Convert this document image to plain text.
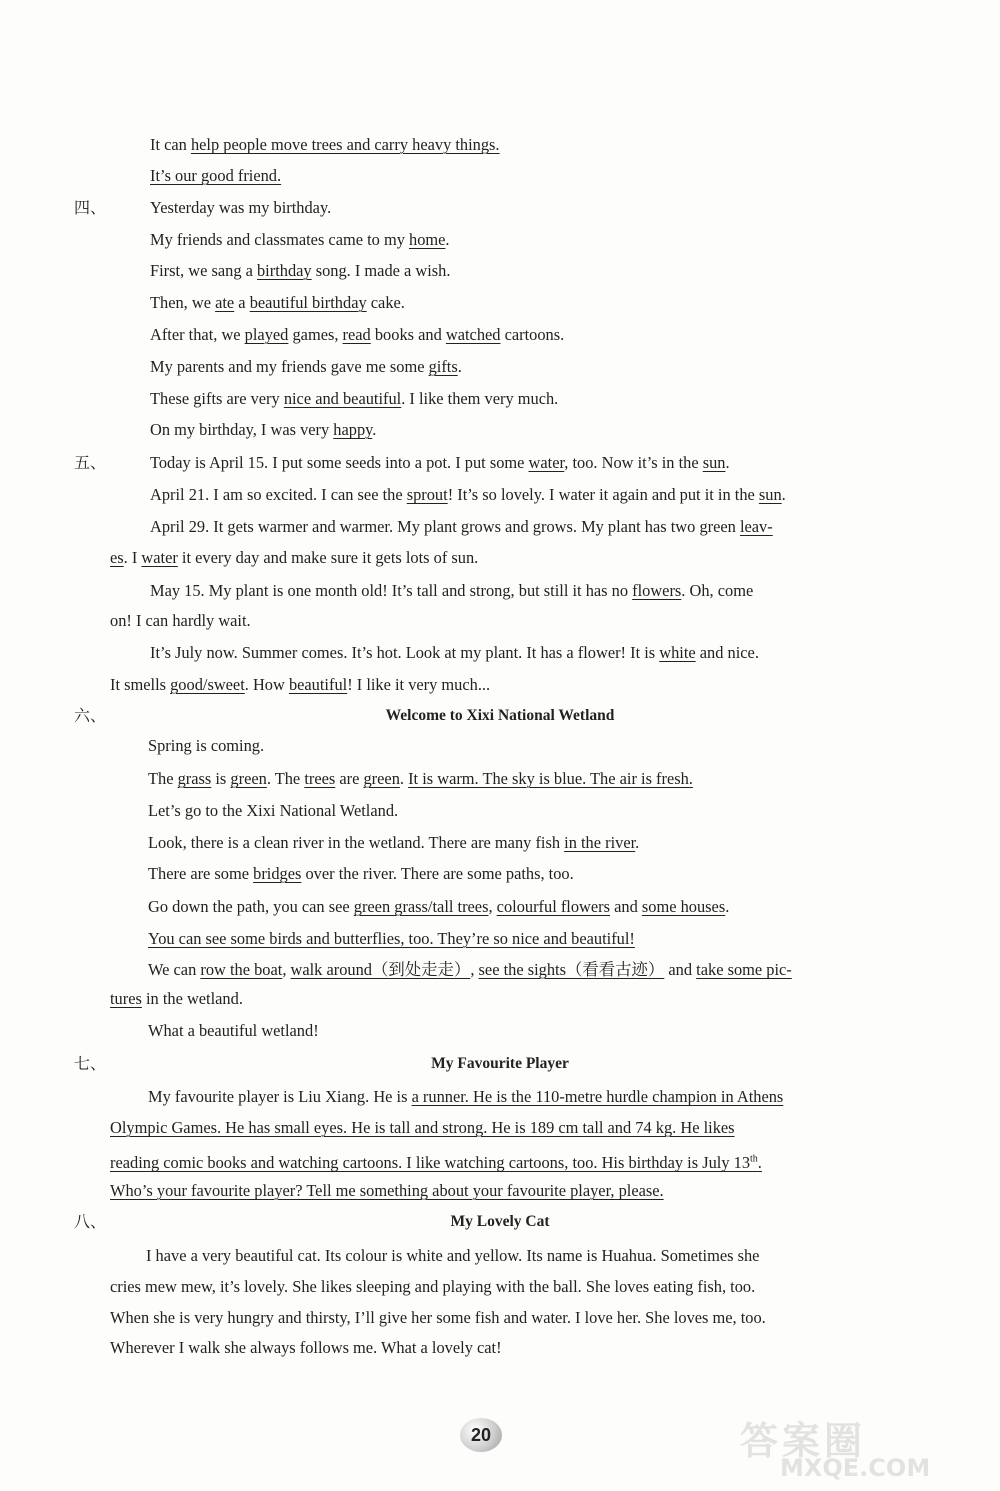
It can help people move trees and carry heavy things.
It’s our good friend.
四、	Yesterday was my birthday.
My friends and classmates came to my home.
First, we sang a birthday song. I made a wish.
Then, we ate a beautiful birthday cake.
After that, we played games, read books and watched cartoons.
My parents and my friends gave me some gifts.
These gifts are very nice and beautiful. I like them very much.
On my birthday, I was very happy.
五、	Today is April 15. I put some seeds into a pot. I put some water, too. Now it’s in the sun.
April 21. I am so excited. I can see the sprout! It’s so lovely. I water it again and put it in the sun.
April 29. It gets warmer and warmer. My plant grows and grows. My plant has two green leav-
es. I water it every day and make sure it gets lots of sun.
May 15. My plant is one month old! It’s tall and strong, but still it has no flowers. Oh, come
on! I can hardly wait.
It’s July now. Summer comes. It’s hot. Look at my plant. It has a flower! It is white and nice.
It smells good/sweet. How beautiful! I like it very much...
六、	Welcome to Xixi National Wetland
Spring is coming.
The grass is green. The trees are green. It is warm. The sky is blue. The air is fresh.
Let’s go to the Xixi National Wetland.
Look, there is a clean river in the wetland. There are many fish in the river.
There are some bridges over the river. There are some paths, too.
Go down the path, you can see green grass/tall trees, colourful flowers and some houses.
You can see some birds and butterflies, too. They’re so nice and beautiful!
We can row the boat, walk around（到处走走）, see the sights（看看古迹） and take some pic-
tures in the wetland.
What a beautiful wetland!
七、	My Favourite Player
My favourite player is Liu Xiang. He is a runner. He is the 110-metre hurdle champion in Athens
Olympic Games. He has small eyes. He is tall and strong. He is 189 cm tall and 74 kg. He likes
reading comic books and watching cartoons. I like watching cartoons, too. His birthday is July 13th.
Who’s your favourite player? Tell me something about your favourite player, please.
八、	My Lovely Cat
I have a very beautiful cat. Its colour is white and yellow. Its name is Huahua. Sometimes she
cries mew mew, it’s lovely. She likes sleeping and playing with the ball. She loves eating fish, too.
When she is very hungry and thirsty, I’ll give her some fish and water. I love her. She loves me, too.
Wherever I walk she always follows me. What a lovely cat!
20	答案圈
MXQE.COM
